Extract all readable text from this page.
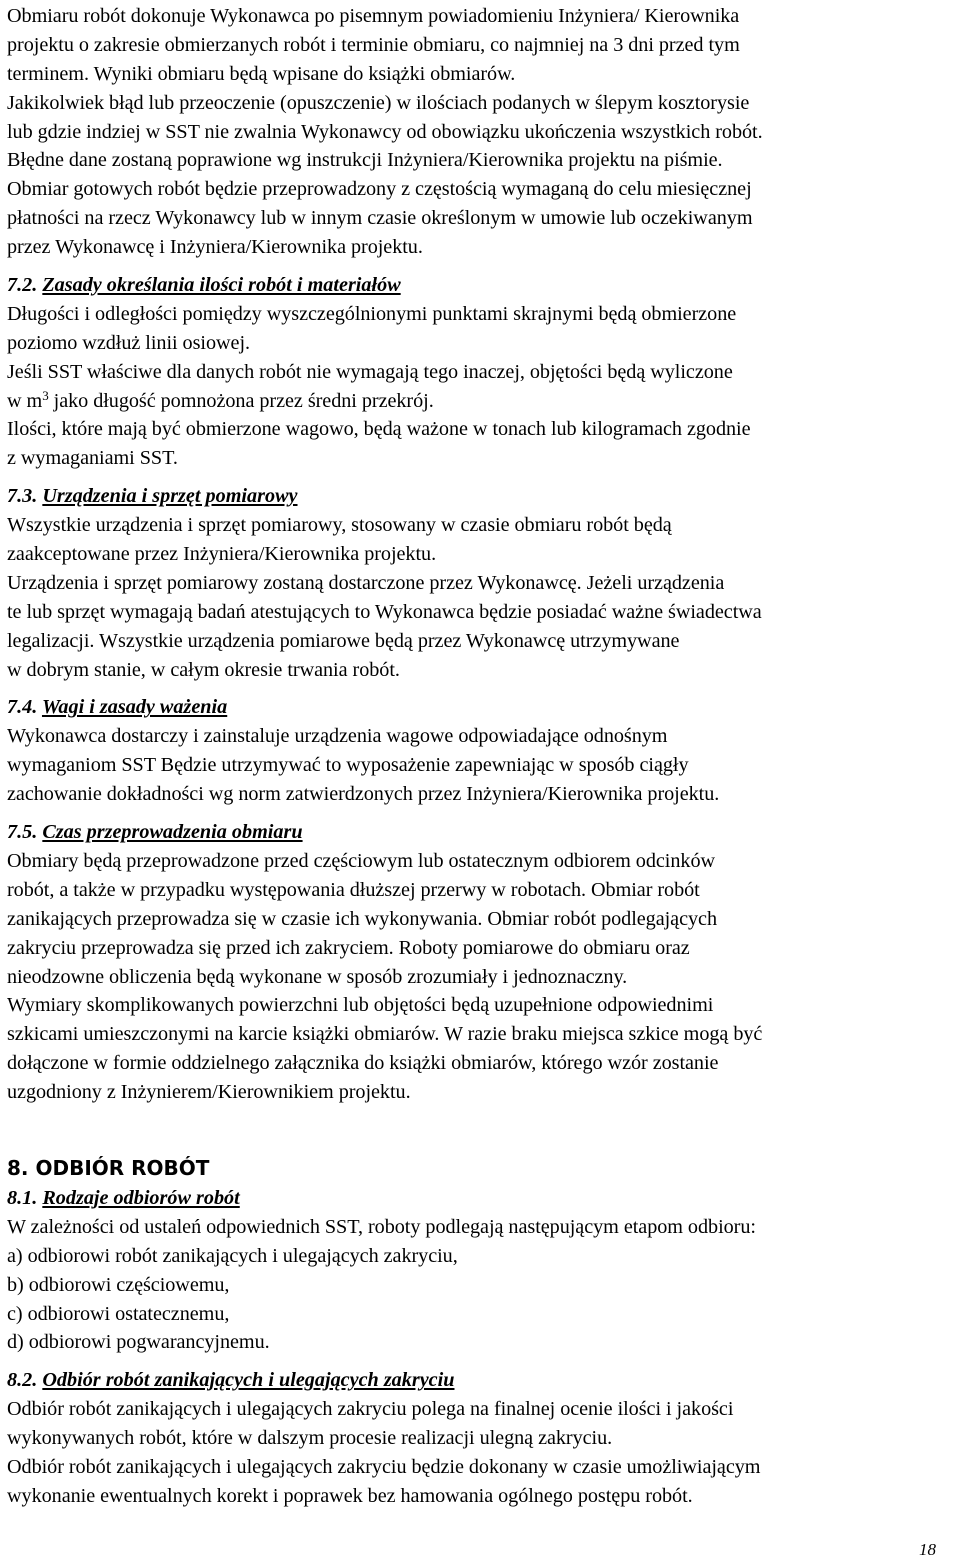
Obmiaru robót dokonuje Wykonawca po pisemnym powiadomieniu Inżyniera/ Kierownika
projektu o zakresie obmierzanych robót i terminie obmiaru, co najmniej na 3 dni przed tym
terminem. Wyniki obmiaru będą wpisane do książki obmiarów.
Jakikolwiek błąd lub przeoczenie (opuszczenie) w ilościach podanych w ślepym kosztorysie
lub gdzie indziej w SST nie zwalnia Wykonawcy od obowiązku ukończenia wszystkich robót.
Błędne dane zostaną poprawione wg instrukcji Inżyniera/Kierownika projektu na piśmie.
Obmiar gotowych robót będzie przeprowadzony z częstością wymaganą do celu miesięcznej
płatności na rzecz Wykonawcy lub w innym czasie określonym w umowie lub oczekiwanym
przez Wykonawcę i Inżyniera/Kierownika projektu.
7.2. Zasady określania ilości robót i materiałów
Długości i odległości pomiędzy wyszczególnionymi punktami skrajnymi będą obmierzone
poziomo wzdłuż linii osiowej.
Jeśli SST właściwe dla danych robót nie wymagają tego inaczej, objętości będą wyliczone
w $m^3$ jako długość pomnożona przez średni przekrój.
Ilości, które mają być obmierzone wagowo, będą ważone w tonach lub kilogramach zgodnie
z wymaganiami SST.
7.3. Urządzenia i sprzęt pomiarowy
Wszystkie urządzenia i sprzęt pomiarowy, stosowany w czasie obmiaru robót będą
zaakceptowane przez Inżyniera/Kierownika projektu.
Urządzenia i sprzęt pomiarowy zostaną dostarczone przez Wykonawcę. Jeżeli urządzenia
te lub sprzęt wymagają badań atestujących to Wykonawca będzie posiadać ważne świadectwa
legalizacji. Wszystkie urządzenia pomiarowe będą przez Wykonawcę utrzymywane
w dobrym stanie, w całym okresie trwania robót.
7.4. Wagi i zasady ważenia
Wykonawca dostarczy i zainstaluje urządzenia wagowe odpowiadające odnośnym
wymaganiom SST Będzie utrzymywać to wyposażenie zapewniając w sposób ciągły
zachowanie dokładności wg norm zatwierdzonych przez Inżyniera/Kierownika projektu.
7.5. Czas przeprowadzenia obmiaru
Obmiary będą przeprowadzone przed częściowym lub ostatecznym odbiorem odcinków
robót, a także w przypadku występowania dłuższej przerwy w robotach. Obmiar robót
zanikających przeprowadza się w czasie ich wykonywania. Obmiar robót podlegających
zakryciu przeprowadza się przed ich zakryciem. Roboty pomiarowe do obmiaru oraz
nieodzowne obliczenia będą wykonane w sposób zrozumiały i jednoznaczny.
Wymiary skomplikowanych powierzchni lub objętości będą uzupełnione odpowiednimi
szkicami umieszczonymi na karcie książki obmiarów. W razie braku miejsca szkice mogą być
dołączone w formie oddzielnego załącznika do książki obmiarów, którego wzór zostanie
uzgodniony z Inżynierem/Kierownikiem projektu.
8. ODBIÓR ROBÓT
8.1. Rodzaje odbiorów robót
W zależności od ustaleń odpowiednich SST, roboty podlegają następującym etapom odbioru:
a) odbiorowi robót zanikających i ulegających zakryciu,
b) odbiorowi częściowemu,
c) odbiorowi ostatecznemu,
d) odbiorowi pogwarancyjnemu.
8.2. Odbiór robót zanikających i ulegających zakryciu
Odbiór robót zanikających i ulegających zakryciu polega na finalnej ocenie ilości i jakości
wykonywanych robót, które w dalszym procesie realizacji ulegną zakryciu.
Odbiór robót zanikających i ulegających zakryciu będzie dokonany w czasie umożliwiającym
wykonanie ewentualnych korekt i poprawek bez hamowania ogólnego postępu robót.
18
